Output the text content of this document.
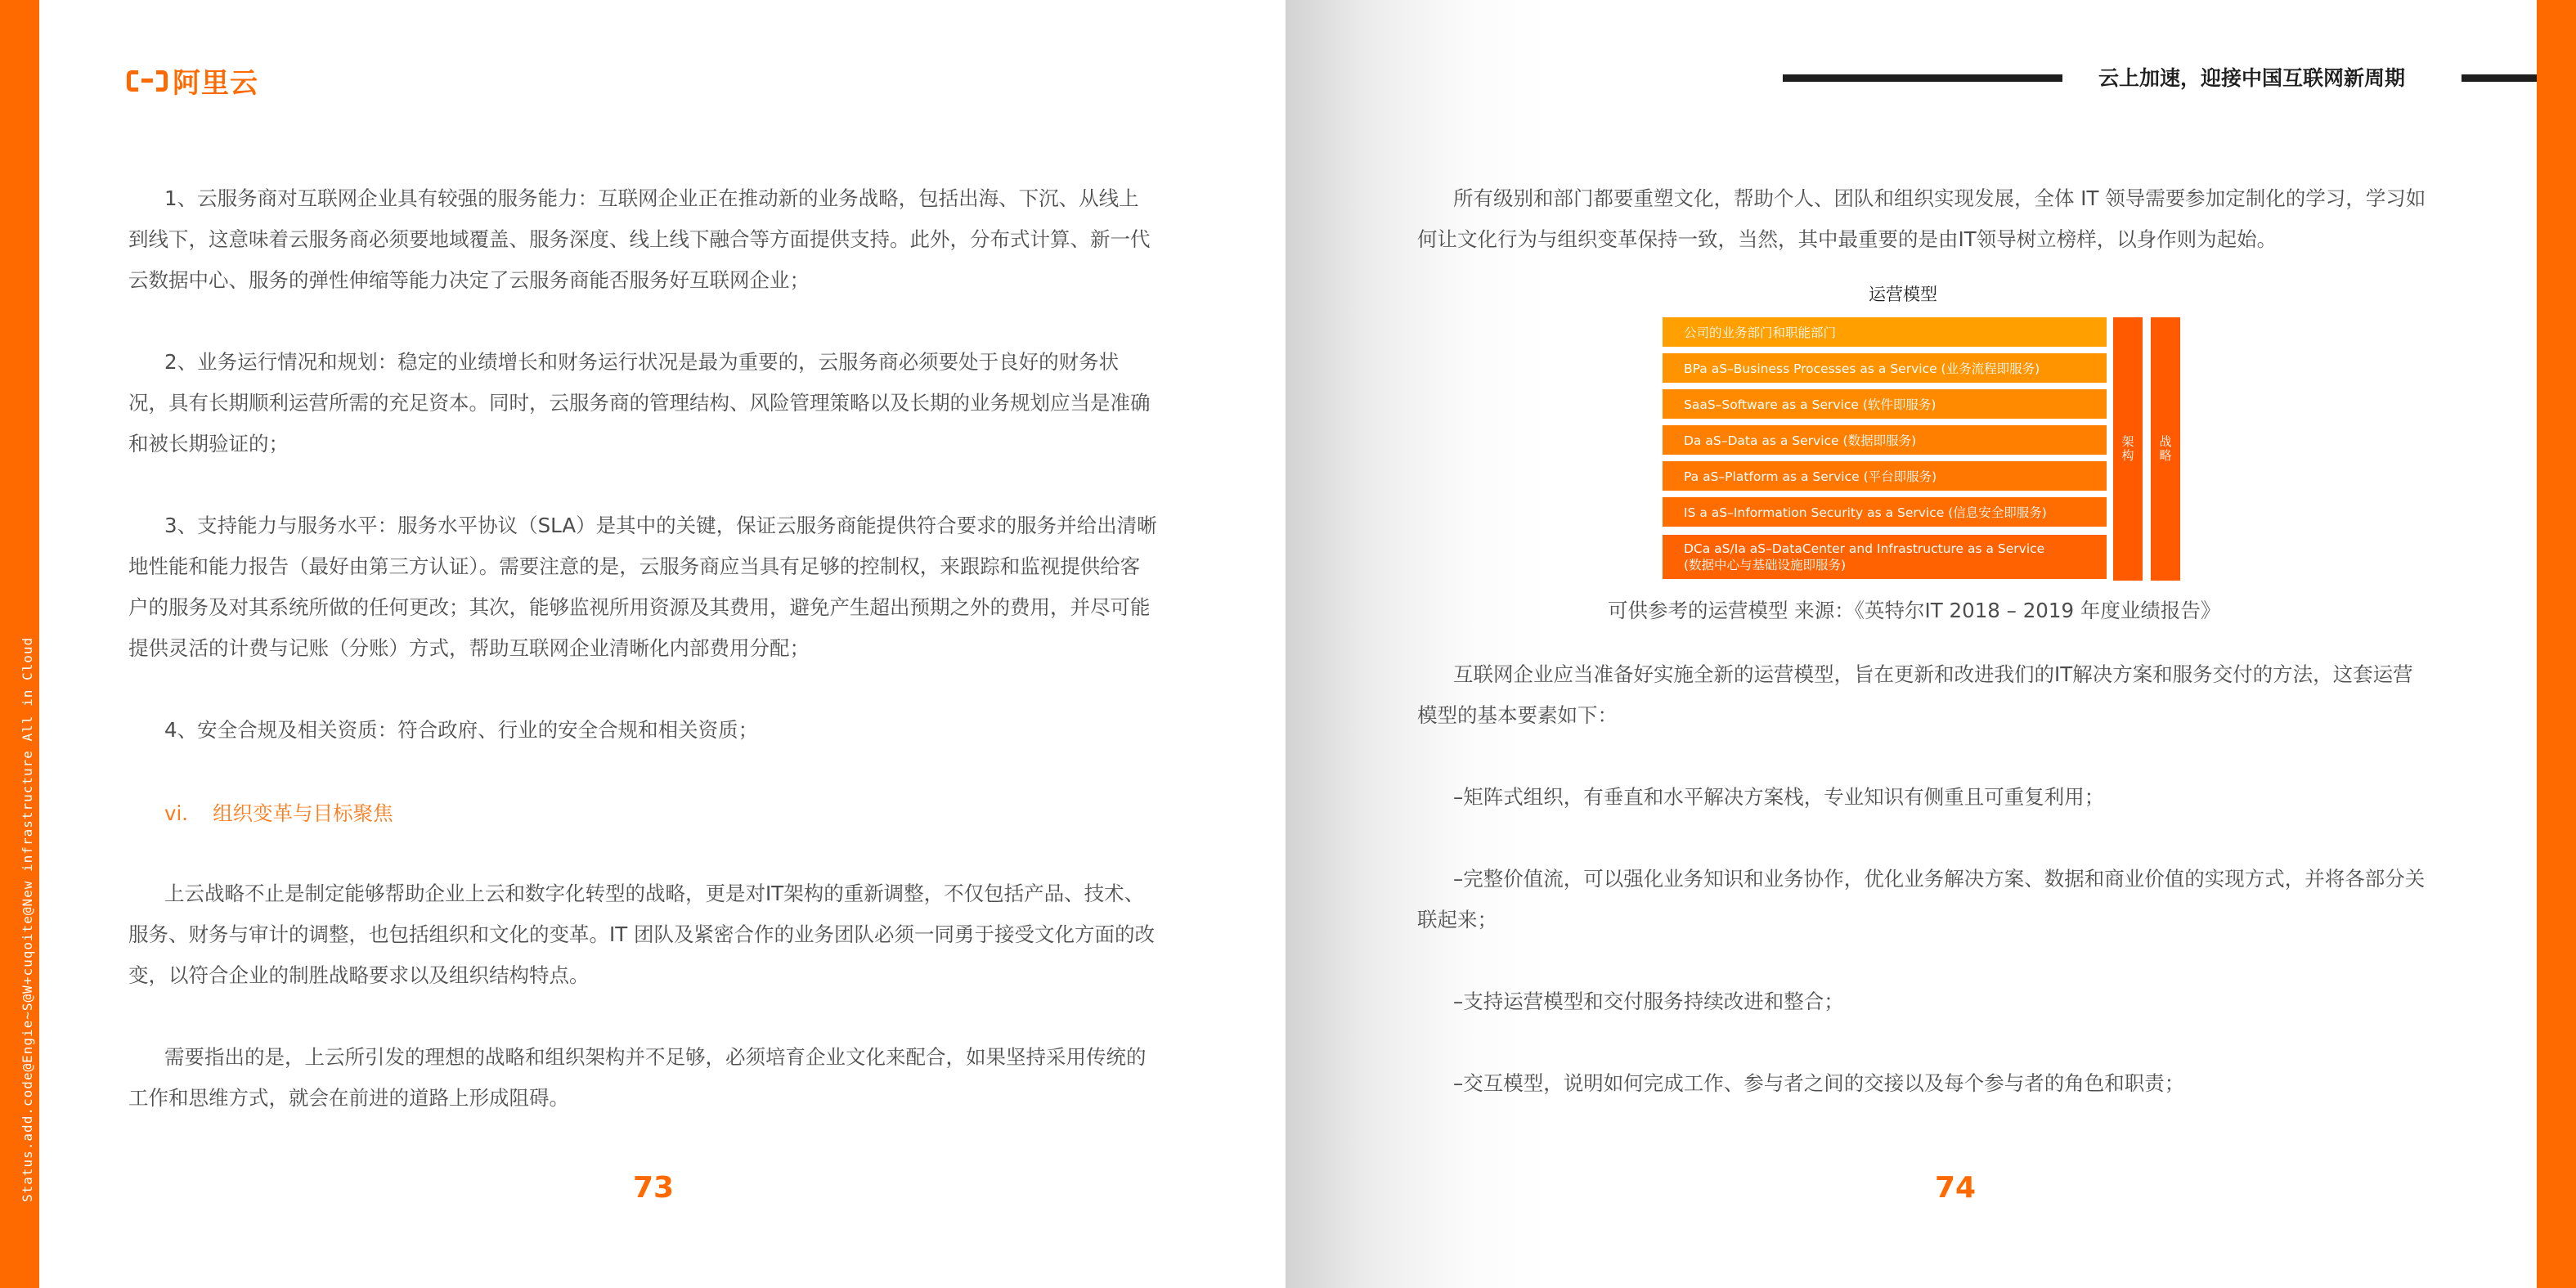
Status.add.code@Engie~S@W+cuqoite@New infrastructure All in Cloud
阿里云	云上加速，迎接中国互联网新周期

1、云服务商对互联网企业具有较强的服务能力：互联网企业正在推动新的业务战略，包括出海、下沉、从线上到线下，这意味着云服务商必须要地域覆盖、服务深度、线上线下融合等方面提供支持。此外，分布式计算、新一代云数据中心、服务的弹性伸缩等能力决定了云服务商能否服务好互联网企业；

2、业务运行情况和规划：稳定的业绩增长和财务运行状况是最为重要的，云服务商必须要处于良好的财务状况，具有长期顺利运营所需的充足资本。同时，云服务商的管理结构、风险管理策略以及长期的业务规划应当是准确和被长期验证的；

3、支持能力与服务水平：服务水平协议（SLA）是其中的关键，保证云服务商能提供符合要求的服务并给出清晰地性能和能力报告（最好由第三方认证）。需要注意的是，云服务商应当具有足够的控制权，来跟踪和监视提供给客户的服务及对其系统所做的任何更改；其次，能够监视所用资源及其费用，避免产生超出预期之外的费用，并尽可能提供灵活的计费与记账（分账）方式，帮助互联网企业清晰化内部费用分配；

4、安全合规及相关资质：符合政府、行业的安全合规和相关资质；

vi. 组织变革与目标聚焦

上云战略不止是制定能够帮助企业上云和数字化转型的战略，更是对IT架构的重新调整，不仅包括产品、技术、服务、财务与审计的调整，也包括组织和文化的变革。IT 团队及紧密合作的业务团队必须一同勇于接受文化方面的改变，以符合企业的制胜战略要求以及组织结构特点。

需要指出的是，上云所引发的理想的战略和组织架构并不足够，必须培育企业文化来配合，如果坚持采用传统的工作和思维方式，就会在前进的道路上形成阻碍。

73

所有级别和部门都要重塑文化，帮助个人、团队和组织实现发展，全体 IT 领导需要参加定制化的学习，学习如何让文化行为与组织变革保持一致，当然，其中最重要的是由IT领导树立榜样，以身作则为起始。

运营模型
公司的业务部门和职能部门
BPa aS–Business Processes as a Service (业务流程即服务)
SaaS–Software as a Service (软件即服务)
Da aS–Data as a Service (数据即服务)
Pa aS–Platform as a Service (平台即服务)
IS a aS–Information Security as a Service (信息安全即服务)
DCa aS/Ia aS–DataCenter and Infrastructure as a Service
(数据中心与基础设施即服务)
架构	战略
可供参考的运营模型 来源：《英特尔IT 2018 – 2019 年度业绩报告》

互联网企业应当准备好实施全新的运营模型，旨在更新和改进我们的IT解决方案和服务交付的方法，这套运营模型的基本要素如下：

–矩阵式组织，有垂直和水平解决方案栈，专业知识有侧重且可重复利用；

–完整价值流，可以强化业务知识和业务协作，优化业务解决方案、数据和商业价值的实现方式，并将各部分关联起来；

–支持运营模型和交付服务持续改进和整合；

–交互模型，说明如何完成工作、参与者之间的交接以及每个参与者的角色和职责；

74
